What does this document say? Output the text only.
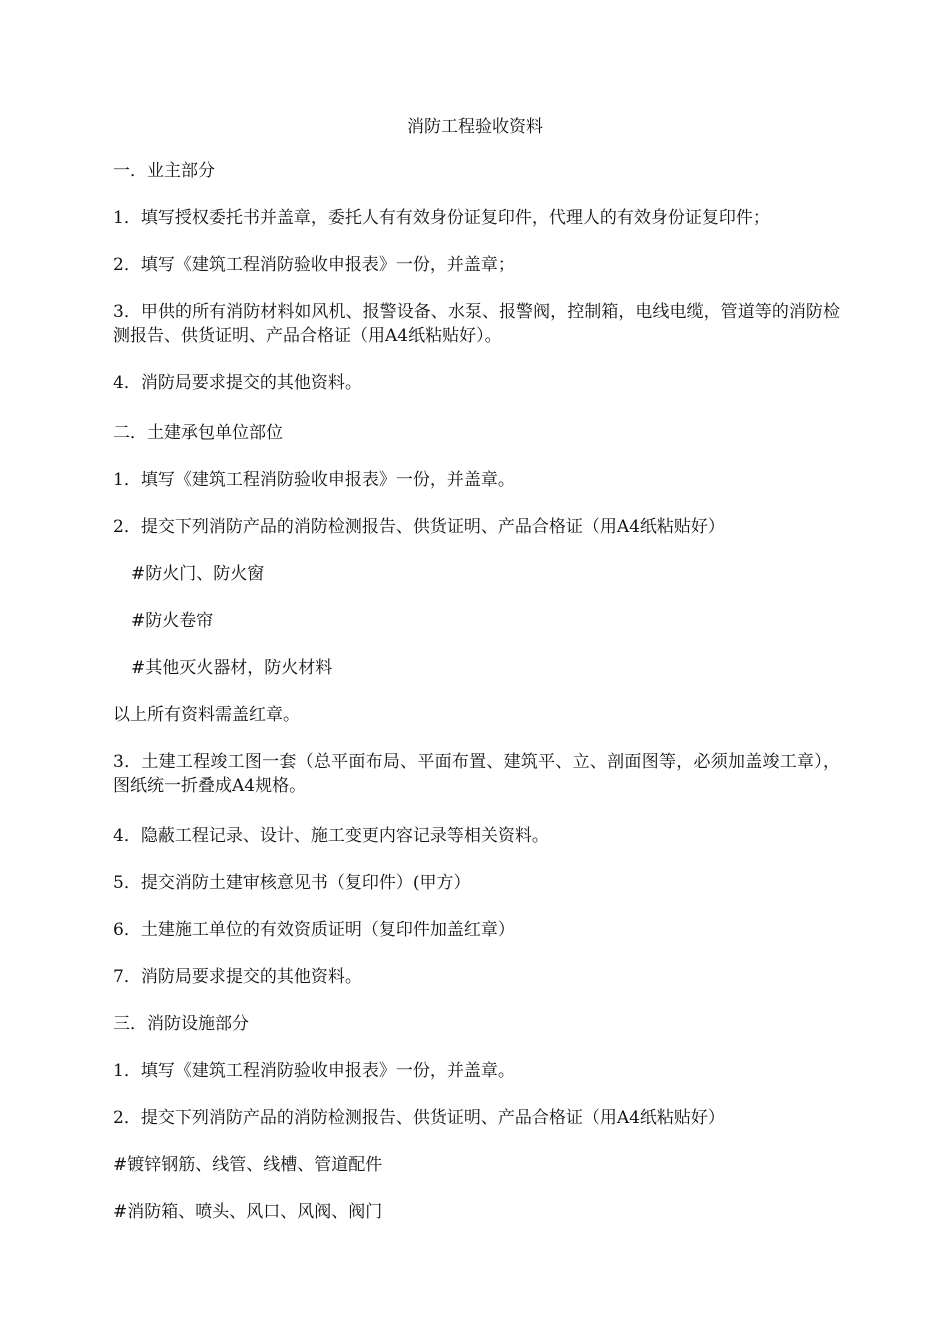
消防工程验收资料
一．业主部分
1．填写授权委托书并盖章，委托人有有效身份证复印件，代理人的有效身份证复印件；
2．填写《建筑工程消防验收申报表》一份，并盖章；
3．甲供的所有消防材料如风机、报警设备、水泵、报警阀，控制箱，电线电缆，管道等的消防检测报告、供货证明、产品合格证（用A4纸粘贴好）。
4．消防局要求提交的其他资料。
二．土建承包单位部位
1．填写《建筑工程消防验收申报表》一份，并盖章。
2．提交下列消防产品的消防检测报告、供货证明、产品合格证（用A4纸粘贴好）
#防火门、防火窗
#防火卷帘
#其他灭火器材，防火材料
以上所有资料需盖红章。
3．土建工程竣工图一套（总平面布局、平面布置、建筑平、立、剖面图等，必须加盖竣工章），图纸统一折叠成A4规格。
4．隐蔽工程记录、设计、施工变更内容记录等相关资料。
5．提交消防土建审核意见书（复印件）(甲方）
6．土建施工单位的有效资质证明（复印件加盖红章）
7．消防局要求提交的其他资料。
三．消防设施部分
1．填写《建筑工程消防验收申报表》一份，并盖章。
2．提交下列消防产品的消防检测报告、供货证明、产品合格证（用A4纸粘贴好）
#镀锌钢筋、线管、线槽、管道配件
#消防箱、喷头、风口、风阀、阀门
